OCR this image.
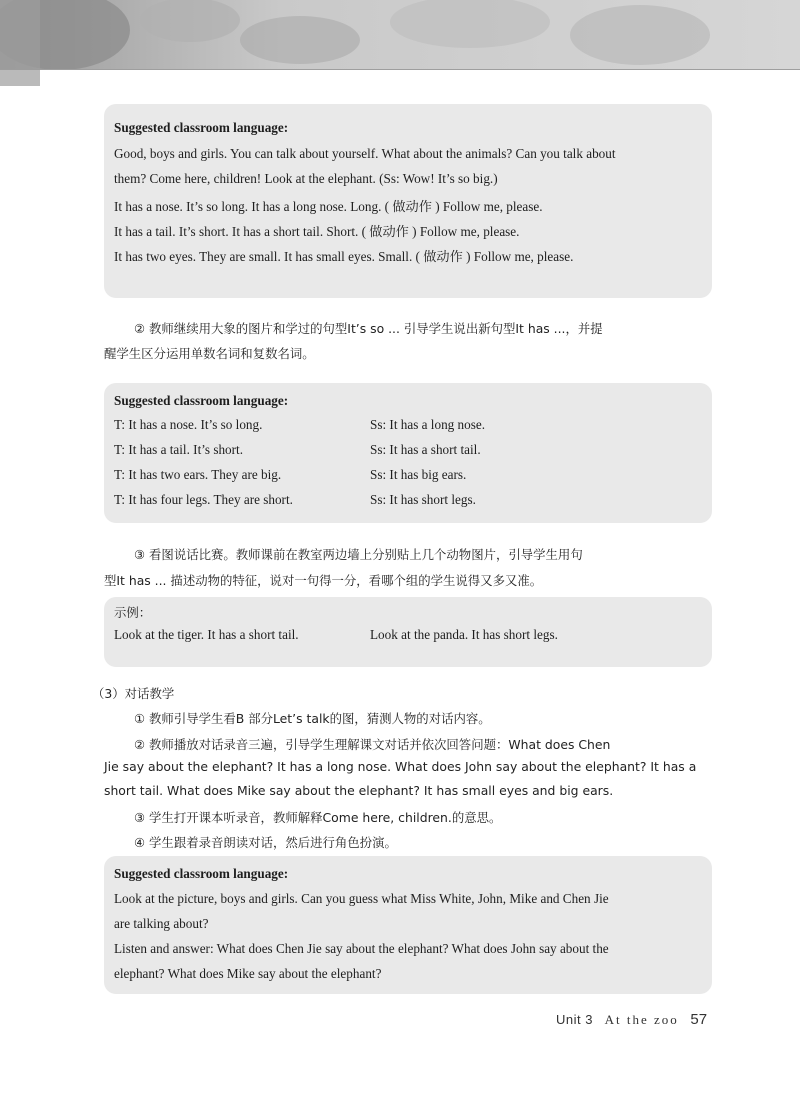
Suggested classroom language:
Good, boys and girls. You can talk about yourself. What about the animals? Can you talk about
them? Come here, children! Look at the elephant. (Ss: Wow! It’s so big.)
It has a nose. It’s so long. It has a long nose. Long. ( 做动作 ) Follow me, please.
It has a tail. It’s short. It has a short tail. Short. ( 做动作 ) Follow me, please.
It has two eyes. They are small. It has small eyes. Small. ( 做动作 ) Follow me, please.
② 教师继续用大象的图片和学过的句型It’s so ... 引导学生说出新句型It has ...，并提
醒学生区分运用单数名词和复数名词。
Suggested classroom language:
T: It has a nose. It’s so long.	Ss: It has a long nose.
T: It has a tail. It’s short.	Ss: It has a short tail.
T: It has two ears. They are big.	Ss: It has big ears.
T: It has four legs. They are short.	Ss: It has short legs.
③ 看图说话比赛。教师课前在教室两边墙上分别贴上几个动物图片，引导学生用句
型It has ... 描述动物的特征，说对一句得一分，看哪个组的学生说得又多又准。
示例：
Look at the tiger. It has a short tail.	Look at the panda. It has short legs.
（3）对话教学
① 教师引导学生看B 部分Let’s talk的图，猜测人物的对话内容。
② 教师播放对话录音三遍，引导学生理解课文对话并依次回答问题：What does Chen
Jie say about the elephant? It has a long nose. What does John say about the elephant? It has a
short tail. What does Mike say about the elephant? It has small eyes and big ears.
③ 学生打开课本听录音，教师解释Come here, children.的意思。
④ 学生跟着录音朗读对话，然后进行角色扮演。
Suggested classroom language:
Look at the picture, boys and girls. Can you guess what Miss White, John, Mike and Chen Jie
are talking about?
Listen and answer: What does Chen Jie say about the elephant? What does John say about the
elephant? What does Mike say about the elephant?
Unit 3 At the zoo 57
